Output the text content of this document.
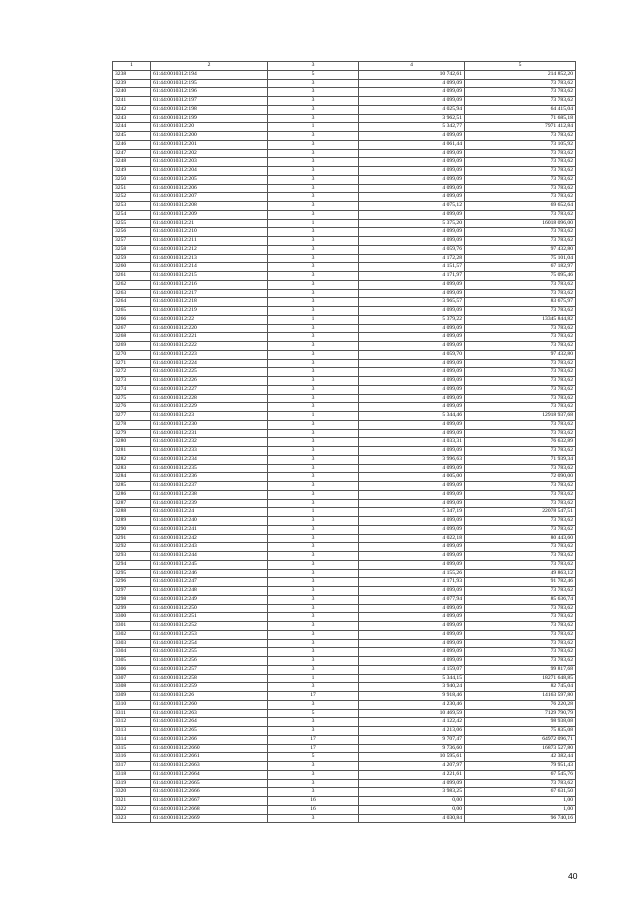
1	2	3	4	5
3238	61:44:0010312:194	5	10 742,61	214 852,20
3239	61:44:0010312:195	3	4 099,09	73 783,62
3240	61:44:0010312:196	3	4 099,09	73 783,62
3241	61:44:0010312:197	3	4 099,09	73 783,62
3242	61:44:0010312:198	3	4 025,94	64 415,04
3243	61:44:0010312:199	3	3 962,51	71 685,18
3244	61:44:0010312:20	1	5 342,77	7971 412,84
3245	61:44:0010312:200	3	4 099,09	73 783,62
3246	61:44:0010312:201	3	4 061,44	73 105,92
3247	61:44:0010312:202	3	4 099,09	73 783,62
3248	61:44:0010312:203	3	4 099,09	73 783,62
3249	61:44:0010312:204	3	4 099,09	73 783,62
3250	61:44:0010312:205	3	4 099,09	73 783,62
3251	61:44:0010312:206	3	4 099,09	73 783,62
3252	61:44:0010312:207	3	4 099,09	73 783,62
3253	61:44:0010312:208	3	4 075,12	69 652,64
3254	61:44:0010312:209	3	4 099,09	73 783,62
3255	61:44:0010312:21	1	5 375,20	16018 096,00
3256	61:44:0010312:210	3	4 099,09	73 783,62
3257	61:44:0010312:211	3	4 099,09	73 783,62
3258	61:44:0010312:212	3	4 059,76	97 432,80
3259	61:44:0010312:213	3	4 172,28	75 101,04
3260	61:44:0010312:214	3	4 151,57	67 182,97
3261	61:44:0010312:215	3	4 171,97	75 095,46
3262	61:44:0010312:216	3	4 099,09	73 783,62
3263	61:44:0010312:217	3	4 099,09	73 783,62
3264	61:44:0010312:218	3	3 965,57	83 675,97
3265	61:44:0010312:219	3	4 099,09	73 783,62
3266	61:44:0010312:22	1	5 379,22	13345 844,82
3267	61:44:0010312:220	3	4 099,09	73 783,62
3268	61:44:0010312:221	3	4 099,09	73 783,62
3269	61:44:0010312:222	3	4 099,09	73 783,62
3270	61:44:0010312:223	3	4 059,70	97 432,80
3271	61:44:0010312:224	3	4 099,09	73 783,62
3272	61:44:0010312:225	3	4 099,09	73 783,62
3273	61:44:0010312:226	3	4 099,09	73 783,62
3274	61:44:0010312:227	3	4 099,09	73 783,62
3275	61:44:0010312:228	3	4 099,09	73 783,62
3276	61:44:0010312:229	3	4 099,09	73 783,62
3277	61:44:0010312:23	1	5 344,46	12918 937,68
3278	61:44:0010312:230	3	4 099,09	73 783,62
3279	61:44:0010312:231	3	4 099,09	73 783,62
3280	61:44:0010312:232	3	4 033,31	76 632,89
3281	61:44:0010312:233	3	4 099,09	73 783,62
3282	61:44:0010312:234	3	3 996,63	71 939,34
3283	61:44:0010312:235	3	4 099,09	73 783,62
3284	61:44:0010312:236	3	4 005,00	72 090,00
3285	61:44:0010312:237	3	4 099,09	73 783,62
3286	61:44:0010312:238	3	4 099,09	73 783,62
3287	61:44:0010312:239	3	4 099,09	73 783,62
3288	61:44:0010312:24	1	5 347,19	22078 547,51
3289	61:44:0010312:240	3	4 099,09	73 783,62
3290	61:44:0010312:241	3	4 099,09	73 783,62
3291	61:44:0010312:242	3	4 022,18	80 443,60
3292	61:44:0010312:243	3	4 099,09	73 783,62
3293	61:44:0010312:244	3	4 099,09	73 783,62
3294	61:44:0010312:245	3	4 099,09	73 783,62
3295	61:44:0010312:246	3	4 155,26	49 863,12
3296	61:44:0010312:247	3	4 171,93	91 782,46
3297	61:44:0010312:248	3	4 099,09	73 783,62
3298	61:44:0010312:249	3	4 077,94	85 636,74
3299	61:44:0010312:250	3	4 099,09	73 783,62
3300	61:44:0010312:251	3	4 099,09	73 783,62
3301	61:44:0010312:252	3	4 099,09	73 783,62
3302	61:44:0010312:253	3	4 099,09	73 783,62
3303	61:44:0010312:254	3	4 099,09	73 783,62
3304	61:44:0010312:255	3	4 099,09	73 783,62
3305	61:44:0010312:256	3	4 099,09	73 783,62
3306	61:44:0010312:257	3	4 159,07	99 817,68
3307	61:44:0010312:258	1	5 344,15	18271 648,85
3308	61:44:0010312:259	3	3 940,24	82 745,04
3309	61:44:0010312:26	17	9 918,46	14163 597,80
3310	61:44:0010312:260	3	4 230,46	76 220,28
3311	61:44:0010312:263	5	10 469,59	7129 790,79
3312	61:44:0010312:264	3	4 122,42	98 938,08
3313	61:44:0010312:265	3	4 213,06	75 835,08
3314	61:44:0010312:266	17	9 707,47	64972 096,71
3315	61:44:0010312:2660	17	9 736,60	16873 527,80
3316	61:44:0010312:2661	5	10 595,61	42 382,44
3317	61:44:0010312:2663	3	4 207,97	79 951,43
3318	61:44:0010312:2664	3	4 221,61	67 545,76
3319	61:44:0010312:2665	3	4 099,09	73 783,62
3320	61:44:0010312:2666	3	3 983,25	67 631,50
3321	61:44:0010312:2667	16	0,00	1,00
3322	61:44:0010312:2668	16	0,00	1,00
3323	61:44:0010312:2669	3	4 030,84	96 740,16
40
